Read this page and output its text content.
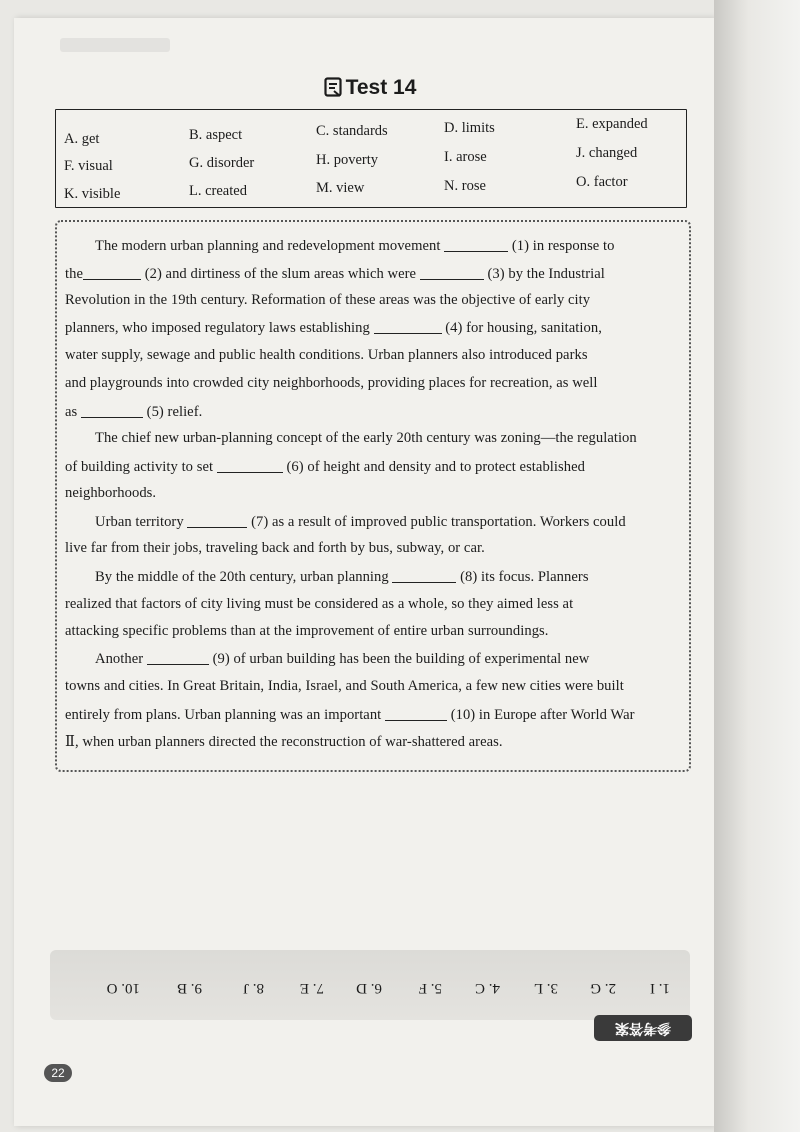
Test 14
A. get	B. aspect	C. standards	D. limits	E. expanded
F. visual	G. disorder	H. poverty	I. arose	J. changed
K. visible	L. created	M. view	N. rose	O. factor
The modern urban planning and redevelopment movement	(1) in response to
the	(2) and dirtiness of the slum areas which were	(3) by the Industrial
Revolution in the 19th century. Reformation of these areas was the objective of early city
planners, who imposed regulatory laws establishing	(4) for housing, sanitation,
water supply, sewage and public health conditions. Urban planners also introduced parks
and playgrounds into crowded city neighborhoods, providing places for recreation, as well
as	(5) relief.
The chief new urban-planning concept of the early 20th century was zoning—the regulation
of building activity to set	(6) of height and density and to protect established
neighborhoods.
Urban territory	(7) as a result of improved public transportation. Workers could
live far from their jobs, traveling back and forth by bus, subway, or car.
By the middle of the 20th century, urban planning	(8) its focus. Planners
realized that factors of city living must be considered as a whole, so they aimed less at
attacking specific problems than at the improvement of entire urban surroundings.
Another	(9) of urban building has been the building of experimental new
towns and cities. In Great Britain, India, Israel, and South America, a few new cities were built
entirely from plans. Urban planning was an important	(10) in Europe after World War
Ⅱ, when urban planners directed the reconstruction of war-shattered areas.
1. I
2. G
3. L
4. C
5. F
6. D
7. E
8. J
9. B
10. O
参考答案
22
